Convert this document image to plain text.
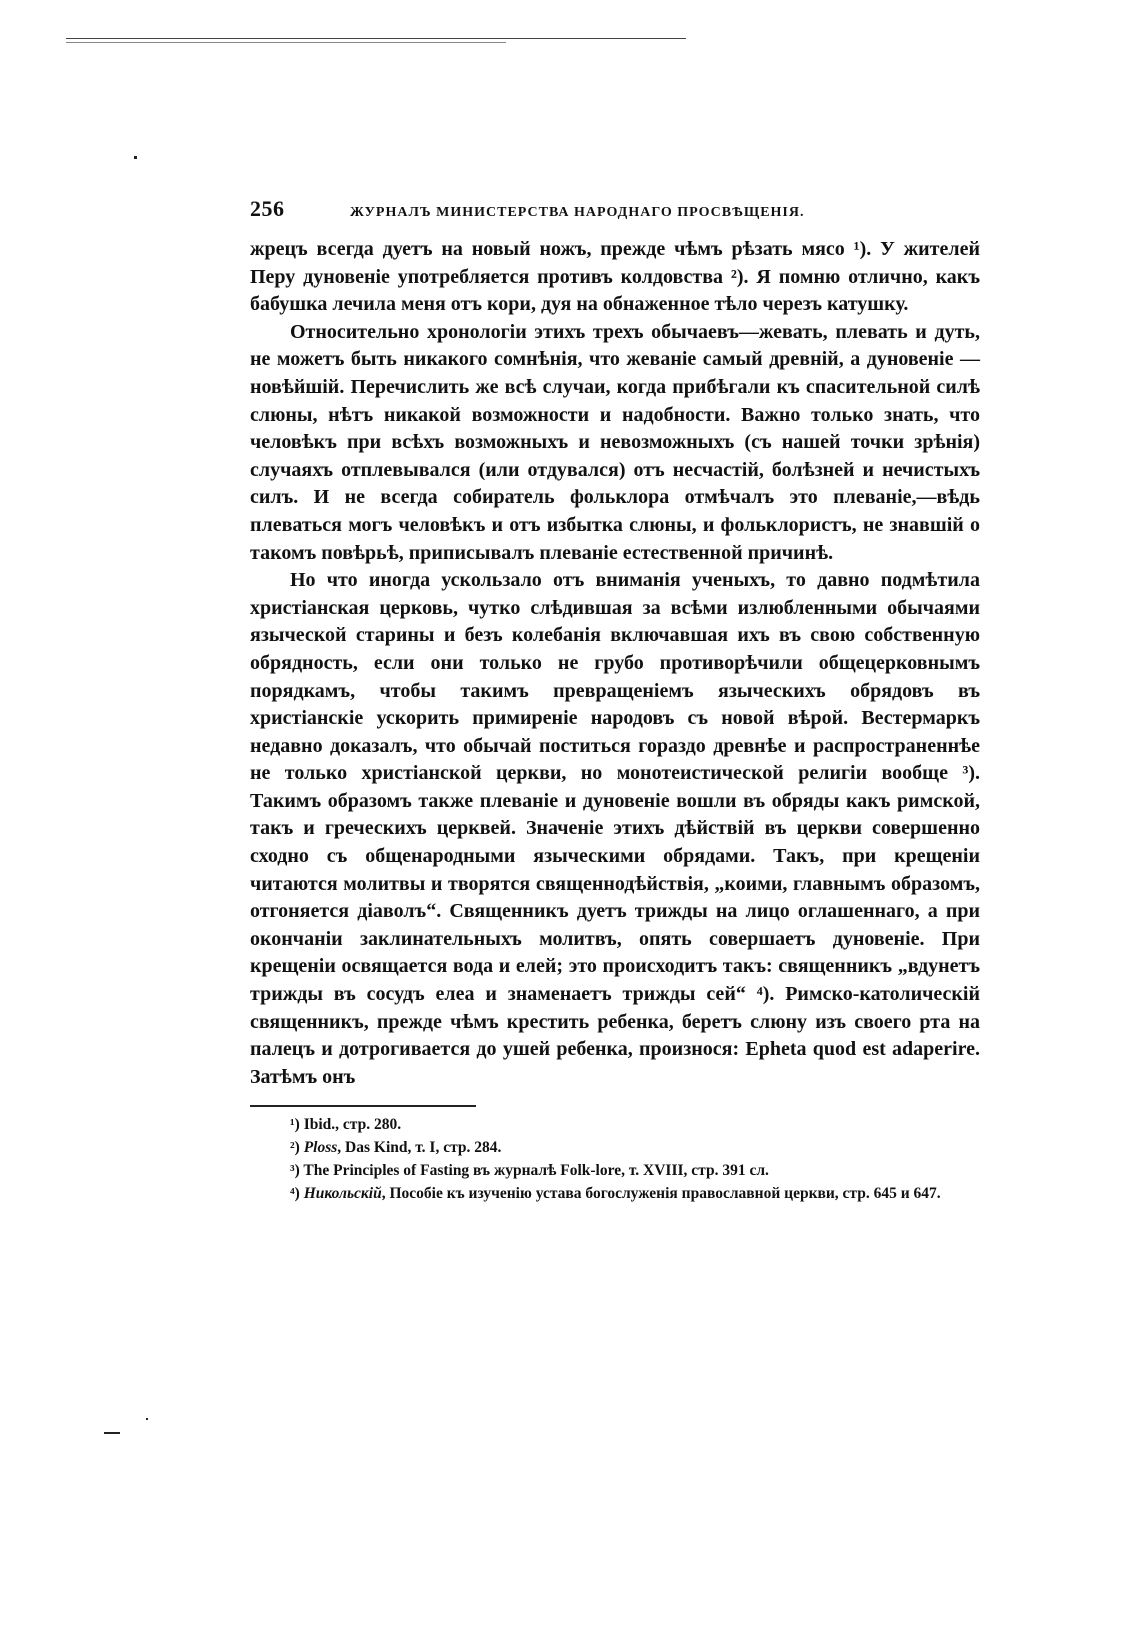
256	ЖУРНАЛЪ МИНИСТЕРСТВА НАРОДНАГО ПРОСВѢЩЕНІЯ.

жрецъ всегда дуетъ на новый ножъ, прежде чѣмъ рѣзать мясо ¹). У жителей Перу дуновеніе употребляется противъ колдовства ²). Я помню отлично, какъ бабушка лечила меня отъ кори, дуя на обнаженное тѣло черезъ катушку.

Относительно хронологіи этихъ трехъ обычаевъ—жевать, плевать и дуть, не можетъ быть никакого сомнѣнія, что жеваніе самый древній, а дуновеніе — новѣйшій. Перечислить же всѣ случаи, когда прибѣгали къ спасительной силѣ слюны, нѣтъ никакой возможности и надобности. Важно только знать, что человѣкъ при всѣхъ возможныхъ и невозможныхъ (съ нашей точки зрѣнія) случаяхъ отплевывался (или отдувался) отъ несчастій, болѣзней и нечистыхъ силъ. И не всегда собиратель фольклора отмѣчалъ это плеваніе,—вѣдь плеваться могъ человѣкъ и отъ избытка слюны, и фольклористъ, не знавшій о такомъ повѣрьѣ, приписывалъ плеваніе естественной причинѣ.

Но что иногда ускользало отъ вниманія ученыхъ, то давно подмѣтила христіанская церковь, чутко слѣдившая за всѣми излюбленными обычаями языческой старины и безъ колебанія включавшая ихъ въ свою собственную обрядность, если они только не грубо противорѣчили общецерковнымъ порядкамъ, чтобы такимъ превращеніемъ языческихъ обрядовъ въ христіанскіе ускорить примиреніе народовъ съ новой вѣрой. Вестермаркъ недавно доказалъ, что обычай поститься гораздо древнѣе и распространеннѣе не только христіанской церкви, но монотеистической религіи вообще ³). Такимъ образомъ также плеваніе и дуновеніе вошли въ обряды какъ римской, такъ и греческихъ церквей. Значеніе этихъ дѣйствій въ церкви совершенно сходно съ общенародными языческими обрядами. Такъ, при крещеніи читаются молитвы и творятся священнодѣйствія, „коими, главнымъ образомъ, отгоняется діаволъ“. Священникъ дуетъ трижды на лицо оглашеннаго, а при окончаніи заклинательныхъ молитвъ, опять совершаетъ дуновеніе. При крещеніи освящается вода и елей; это происходитъ такъ: священникъ „вдунетъ трижды въ сосудъ елеа и знаменаетъ трижды сей“ ⁴). Римско-католическій священникъ, прежде чѣмъ крестить ребенка, беретъ слюну изъ своего рта на палецъ и дотрогивается до ушей ребенка, произнося: Epheta quod est adaperire. Затѣмъ онъ

¹) Ibid., стр. 280.

²) Ploss, Das Kind, т. I, стр. 284.

³) The Principles of Fasting въ журналѣ Folk-lore, т. XVIII, стр. 391 сл.

⁴) Никольскій, Пособіе къ изученію устава богослуженія православной церкви, стр. 645 и 647.
